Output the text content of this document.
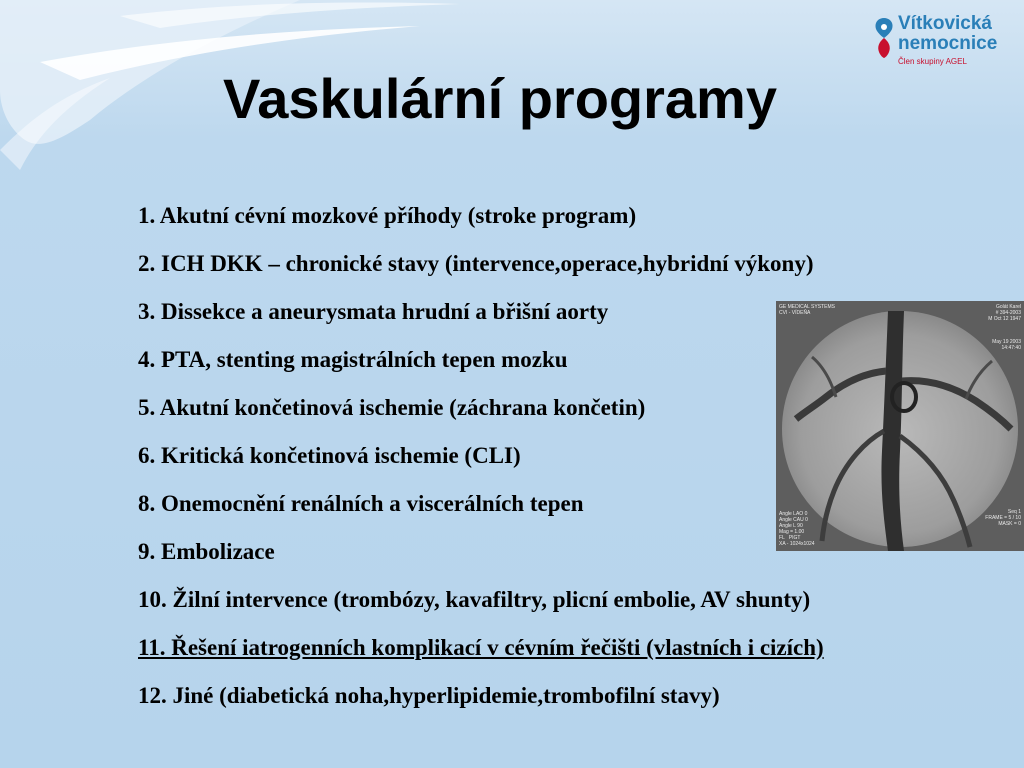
Vítkovická
nemocnice
Člen skupiny AGEL
Vaskulární programy
1. Akutní cévní mozkové příhody (stroke program)
2. ICH DKK – chronické stavy (intervence,operace,hybridní výkony)
3. Dissekce a aneurysmata hrudní a břišní aorty
4. PTA, stenting magistrálních tepen mozku
5. Akutní končetinová ischemie (záchrana končetin)
6. Kritická končetinová ischemie (CLI)
8. Onemocnění renálních a viscerálních tepen
9. Embolizace
10. Žilní intervence (trombózy, kavafiltry, plicní embolie, AV shunty)
11. Řešení iatrogenních komplikací v cévním řečišti (vlastních i cizích)
12. Jiné (diabetická noha,hyperlipidemie,trombofilní stavy)
GE MEDICAL SYSTEMS
CVI - VÍDEŇA
Golát Karel
# 394-2003
M Oct 12 1947
May 19 2003
14:47:40
Angle LAO 0
Angle CAU 0
Angle L 90
Mag = 1.00
FL   PIGT
XA - 1024x1024
Seq 1
FRAME = 5 / 10
MASK = 0
